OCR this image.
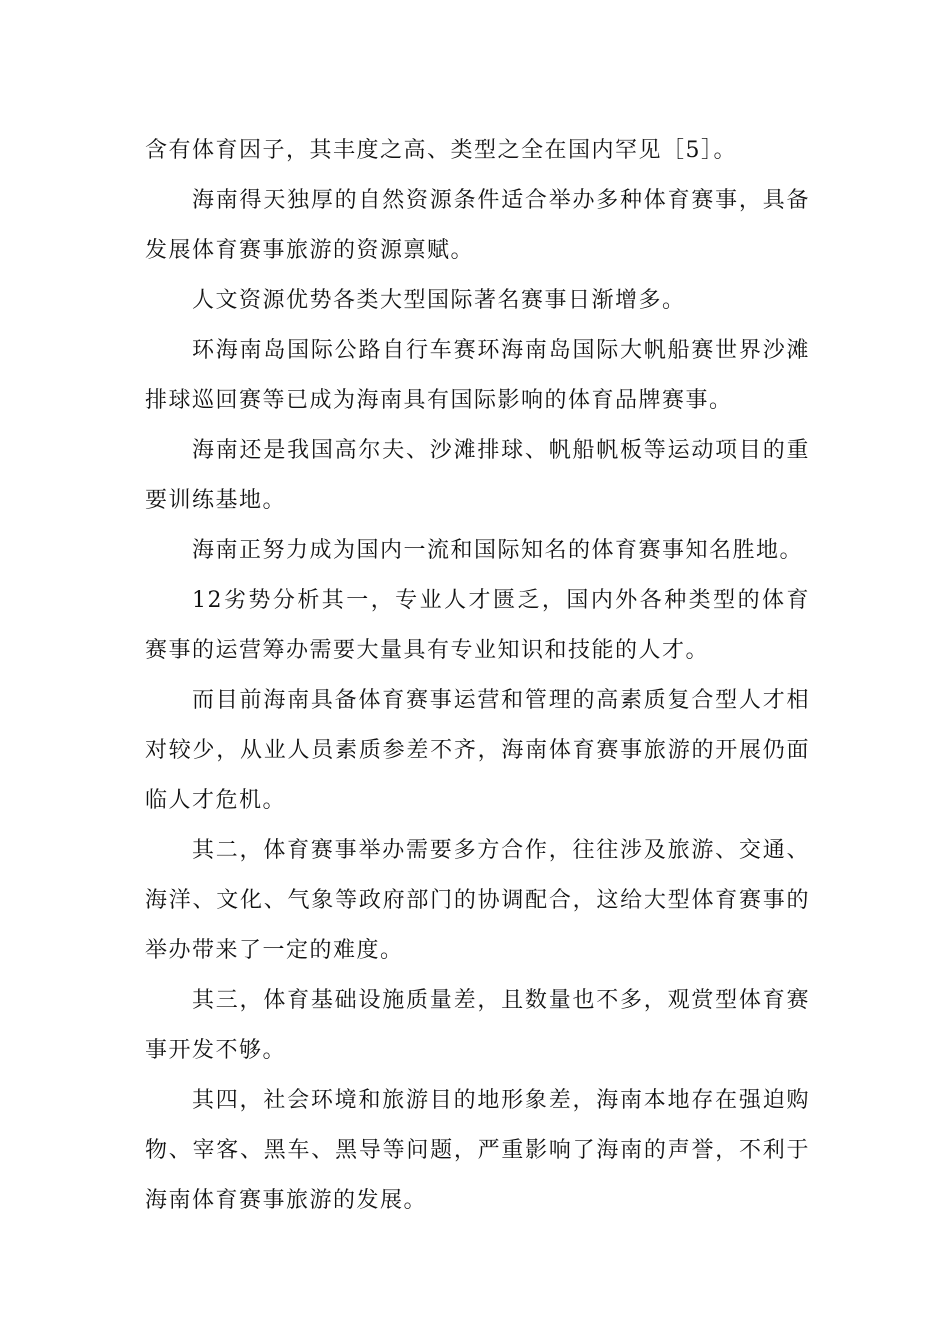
含有体育因子，其丰度之高、类型之全在国内罕见［5］。

海南得天独厚的自然资源条件适合举办多种体育赛事，具备发展体育赛事旅游的资源禀赋。

人文资源优势各类大型国际著名赛事日渐增多。

环海南岛国际公路自行车赛环海南岛国际大帆船赛世界沙滩排球巡回赛等已成为海南具有国际影响的体育品牌赛事。

海南还是我国高尔夫、沙滩排球、帆船帆板等运动项目的重要训练基地。

海南正努力成为国内一流和国际知名的体育赛事知名胜地。

12劣势分析其一，专业人才匮乏，国内外各种类型的体育赛事的运营筹办需要大量具有专业知识和技能的人才。

而目前海南具备体育赛事运营和管理的高素质复合型人才相对较少，从业人员素质参差不齐，海南体育赛事旅游的开展仍面临人才危机。

其二，体育赛事举办需要多方合作，往往涉及旅游、交通、海洋、文化、气象等政府部门的协调配合，这给大型体育赛事的举办带来了一定的难度。

其三，体育基础设施质量差，且数量也不多，观赏型体育赛事开发不够。

其四，社会环境和旅游目的地形象差，海南本地存在强迫购物、宰客、黑车、黑导等问题，严重影响了海南的声誉，不利于海南体育赛事旅游的发展。
